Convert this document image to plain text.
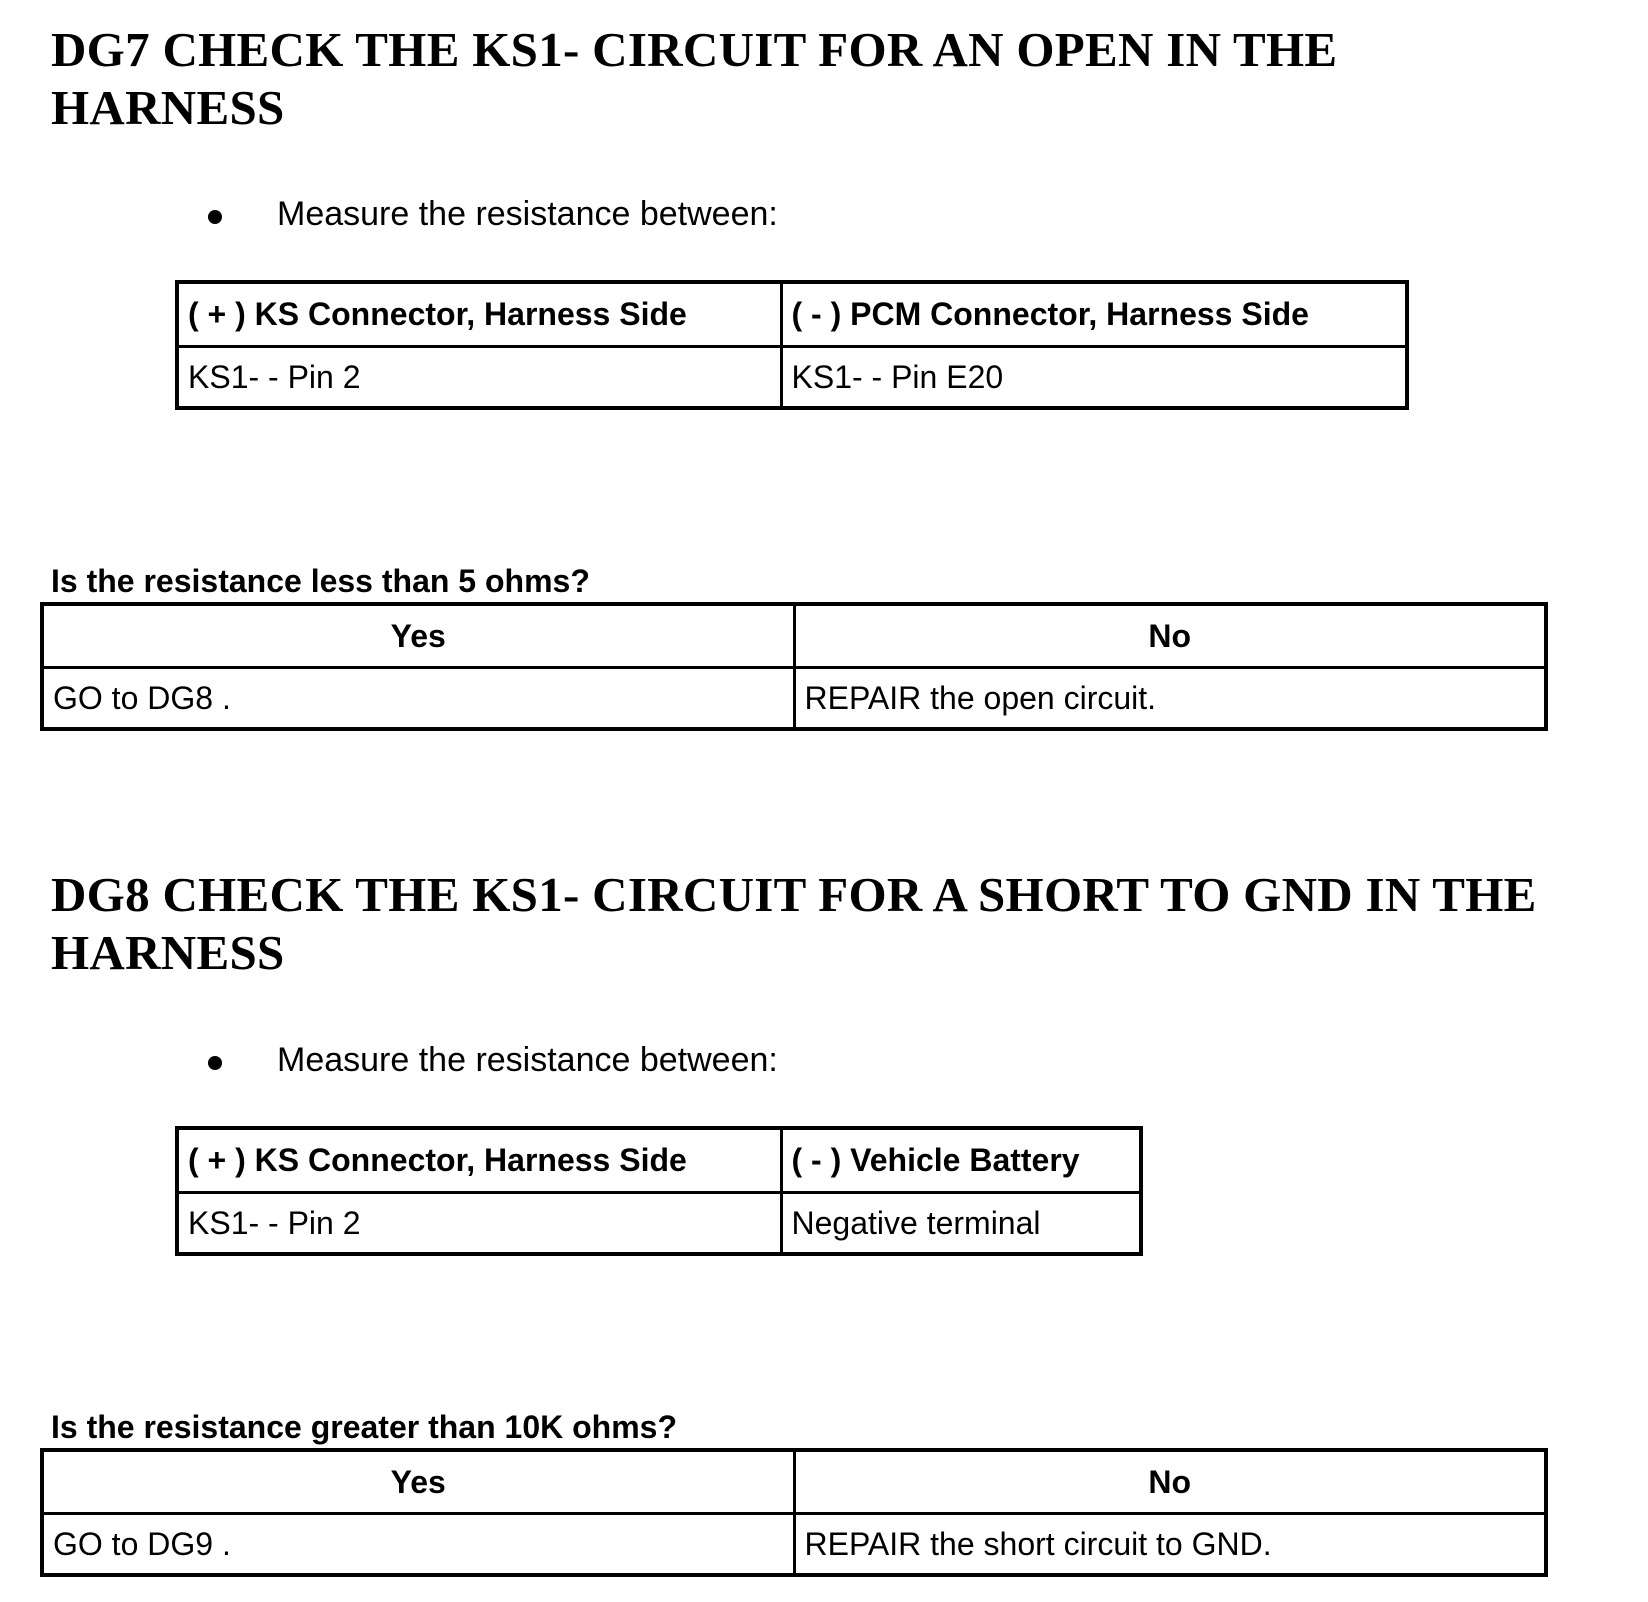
DG7 CHECK THE KS1- CIRCUIT FOR AN OPEN IN THE
HARNESS
Measure the resistance between:
( + ) KS Connector, Harness Side	( - ) PCM Connector, Harness Side
KS1- - Pin 2	KS1- - Pin E20

Is the resistance less than 5 ohms?

Yes	No
GO to DG8 .	REPAIR the open circuit.
DG8 CHECK THE KS1- CIRCUIT FOR A SHORT TO GND IN THE
HARNESS
Measure the resistance between:
( + ) KS Connector, Harness Side	( - ) Vehicle Battery
KS1- - Pin 2	Negative terminal

Is the resistance greater than 10K ohms?

Yes	No
GO to DG9 .	REPAIR the short circuit to GND.
